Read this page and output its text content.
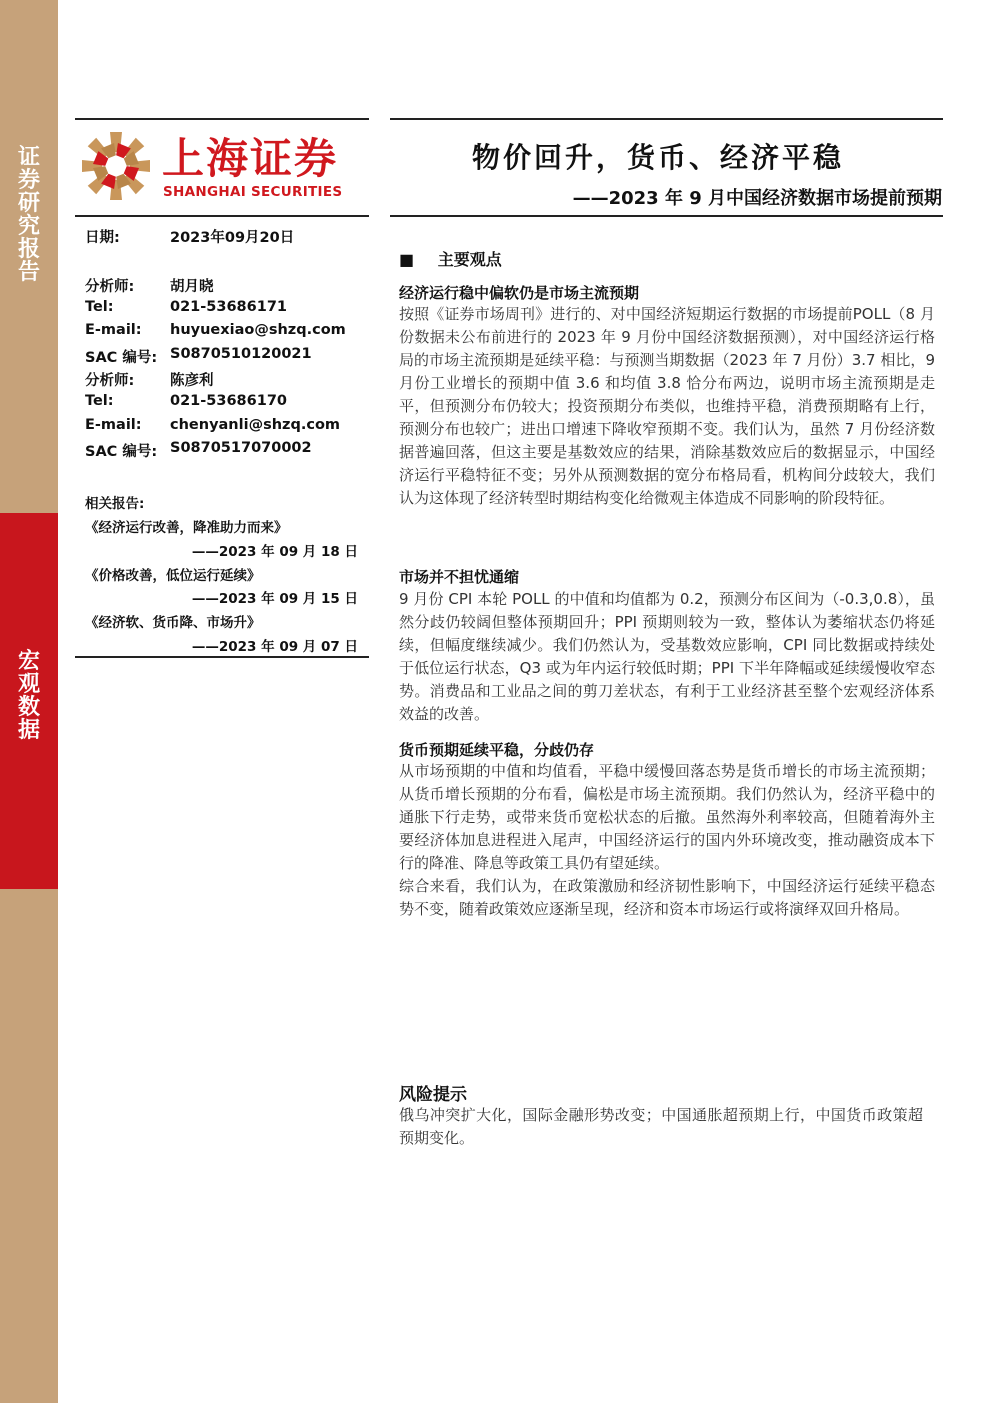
证
券
研
究
报
告
宏
观
数
据
上海证券
SHANGHAI SECURITIES
物价回升，货币、经济平稳
——2023 年 9 月中国经济数据市场提前预期
日期:	2023年09月20日
分析师: 胡月晓
Tel:	021-53686171
E-mail: huyuexiao@shzq.com
SAC 编号: S0870510120021
分析师: 陈彦利
Tel:	021-53686170
E-mail: chenyanli@shzq.com
SAC 编号: S0870517070002
相关报告:
《经济运行改善，降准助力而来》
——2023 年 09 月 18 日
《价格改善，低位运行延续》
——2023 年 09 月 15 日
《经济软、货币降、市场升》
——2023 年 09 月 07 日
■ 主要观点
经济运行稳中偏软仍是市场主流预期

按照《证券市场周刊》进行的、对中国经济短期运行数据的市场提前POLL（8 月份数据未公布前进行的 2023 年 9 月份中国经济数据预测），对中国经济运行格局的市场主流预期是延续平稳：与预测当期数据（2023 年 7 月份）3.7 相比，9 月份工业增长的预期中值 3.6 和均值 3.8 恰分布两边，说明市场主流预期是走平，但预测分布仍较大；投资预期分布类似，也维持平稳，消费预期略有上行，预测分布也较广；进出口增速下降收窄预期不变。我们认为，虽然 7 月份经济数据普遍回落，但这主要是基数效应的结果，消除基数效应后的数据显示，中国经济运行平稳特征不变；另外从预测数据的宽分布格局看，机构间分歧较大，我们认为这体现了经济转型时期结构变化给微观主体造成不同影响的阶段特征。

市场并不担忧通缩

9 月份 CPI 本轮 POLL 的中值和均值都为 0.2，预测分布区间为（-0.3,0.8），虽然分歧仍较阔但整体预期回升；PPI 预期则较为一致，整体认为萎缩状态仍将延续，但幅度继续减少。我们仍然认为，受基数效应影响，CPI 同比数据或持续处于低位运行状态，Q3 或为年内运行较低时期；PPI 下半年降幅或延续缓慢收窄态势。消费品和工业品之间的剪刀差状态，有利于工业经济甚至整个宏观经济体系效益的改善。

货币预期延续平稳，分歧仍存

从市场预期的中值和均值看，平稳中缓慢回落态势是货币增长的市场主流预期；从货币增长预期的分布看，偏松是市场主流预期。我们仍然认为，经济平稳中的通胀下行走势，或带来货币宽松状态的后撤。虽然海外利率较高，但随着海外主要经济体加息进程进入尾声，中国经济运行的国内外环境改变，推动融资成本下行的降准、降息等政策工具仍有望延续。

综合来看，我们认为，在政策激励和经济韧性影响下，中国经济运行延续平稳态势不变，随着政策效应逐渐呈现，经济和资本市场运行或将演绎双回升格局。

风险提示

俄乌冲突扩大化，国际金融形势改变；中国通胀超预期上行，中国货币政策超预期变化。
